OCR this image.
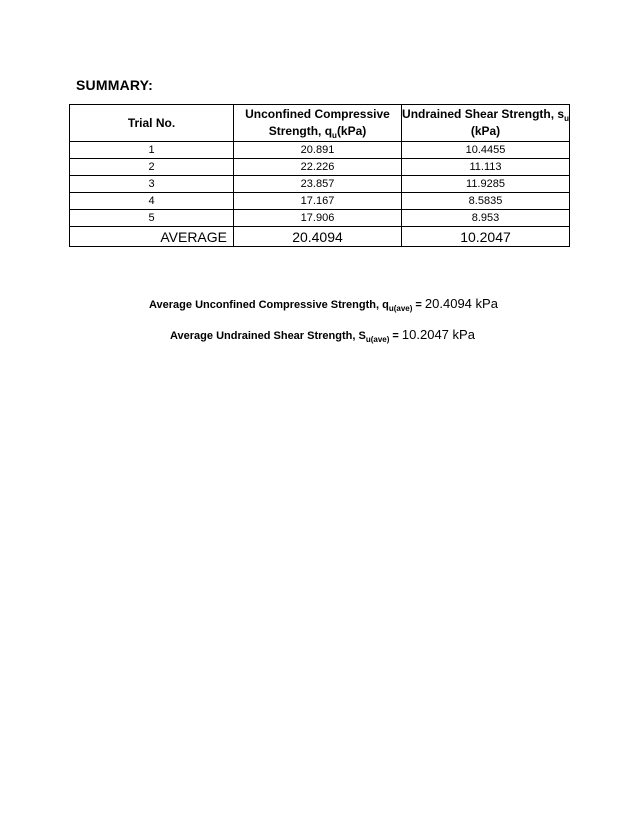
SUMMARY:
Trial No.	Unconfined Compressive Strength, $q_u(kPa)$	Undrained Shear Strength, $s_u$ (kPa)
1	20.891	10.4455
2	22.226	11.113
3	23.857	11.9285
4	17.167	8.5835
5	17.906	8.953
AVERAGE	20.4094	10.2047
Average Unconfined Compressive Strength, $q_{u(ave)} = 20.4094$ kPa
Average Undrained Shear Strength, $S_{u(ave)} = 10.2047$ kPa
